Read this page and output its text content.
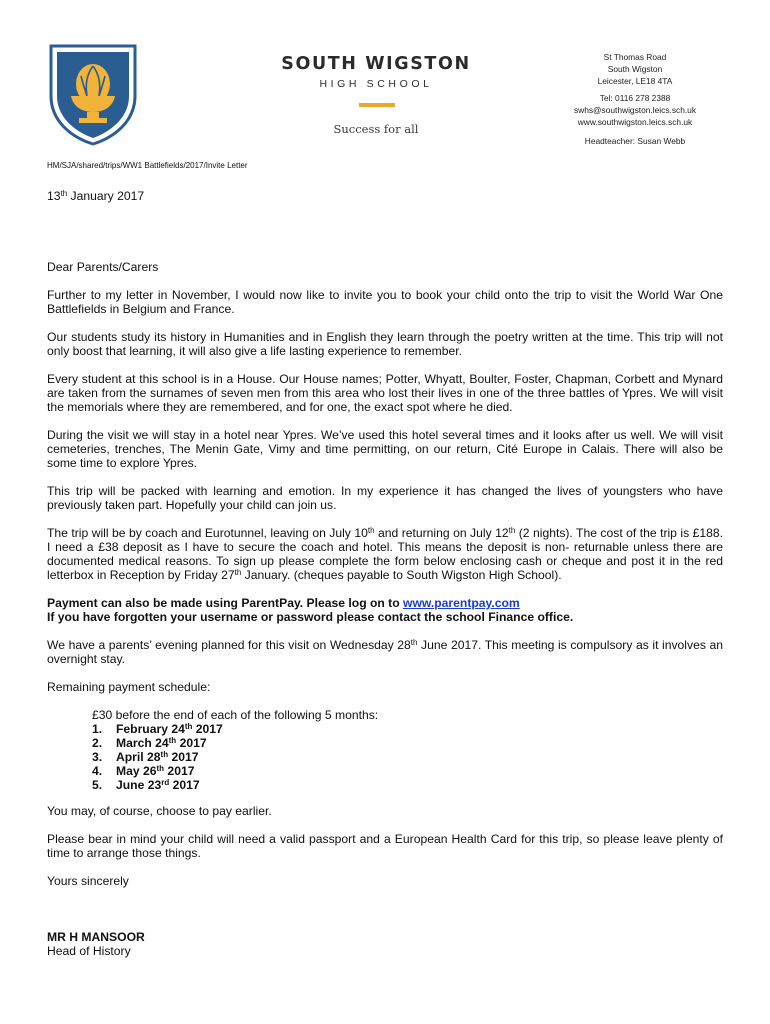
SOUTH WIGSTON
HIGH SCHOOL
Success for all
St Thomas Road
South Wigston
Leicester, LE18 4TA
Tel: 0116 278 2388
swhs@southwigston.leics.sch.uk
www.southwigston.leics.sch.uk
Headteacher: Susan Webb
HM/SJA/shared/trips/WW1 Battlefields/2017/Invite Letter
13th January 2017
Dear Parents/Carers
Further to my letter in November, I would now like to invite you to book your child onto the trip to visit the World War One Battlefields in Belgium and France.
Our students study its history in Humanities and in English they learn through the poetry written at the time. This trip will not only boost that learning, it will also give a life lasting experience to remember.
Every student at this school is in a House. Our House names; Potter, Whyatt, Boulter, Foster, Chapman, Corbett and Mynard are taken from the surnames of seven men from this area who lost their lives in one of the three battles of Ypres. We will visit the memorials where they are remembered, and for one, the exact spot where he died.
During the visit we will stay in a hotel near Ypres. We’ve used this hotel several times and it looks after us well. We will visit cemeteries, trenches, The Menin Gate, Vimy and time permitting, on our return, Cité Europe in Calais. There will also be some time to explore Ypres.
This trip will be packed with learning and emotion. In my experience it has changed the lives of youngsters who have previously taken part. Hopefully your child can join us.
The trip will be by coach and Eurotunnel, leaving on July 10th and returning on July 12th (2 nights). The cost of the trip is £188. I need a £38 deposit as I have to secure the coach and hotel. This means the deposit is non- returnable unless there are documented medical reasons. To sign up please complete the form below enclosing cash or cheque and post it in the red letterbox in Reception by Friday 27th January. (cheques payable to South Wigston High School).
Payment can also be made using ParentPay. Please log on to www.parentpay.com
If you have forgotten your username or password please contact the school Finance office.
We have a parents’ evening planned for this visit on Wednesday 28th June 2017. This meeting is compulsory as it involves an overnight stay.
Remaining payment schedule:
£30 before the end of each of the following 5 months:
1. February 24th 2017
2. March 24th 2017
3. April 28th 2017
4. May 26th 2017
5. June 23rd 2017
You may, of course, choose to pay earlier.
Please bear in mind your child will need a valid passport and a European Health Card for this trip, so please leave plenty of time to arrange those things.
Yours sincerely
MR H MANSOOR
Head of History
